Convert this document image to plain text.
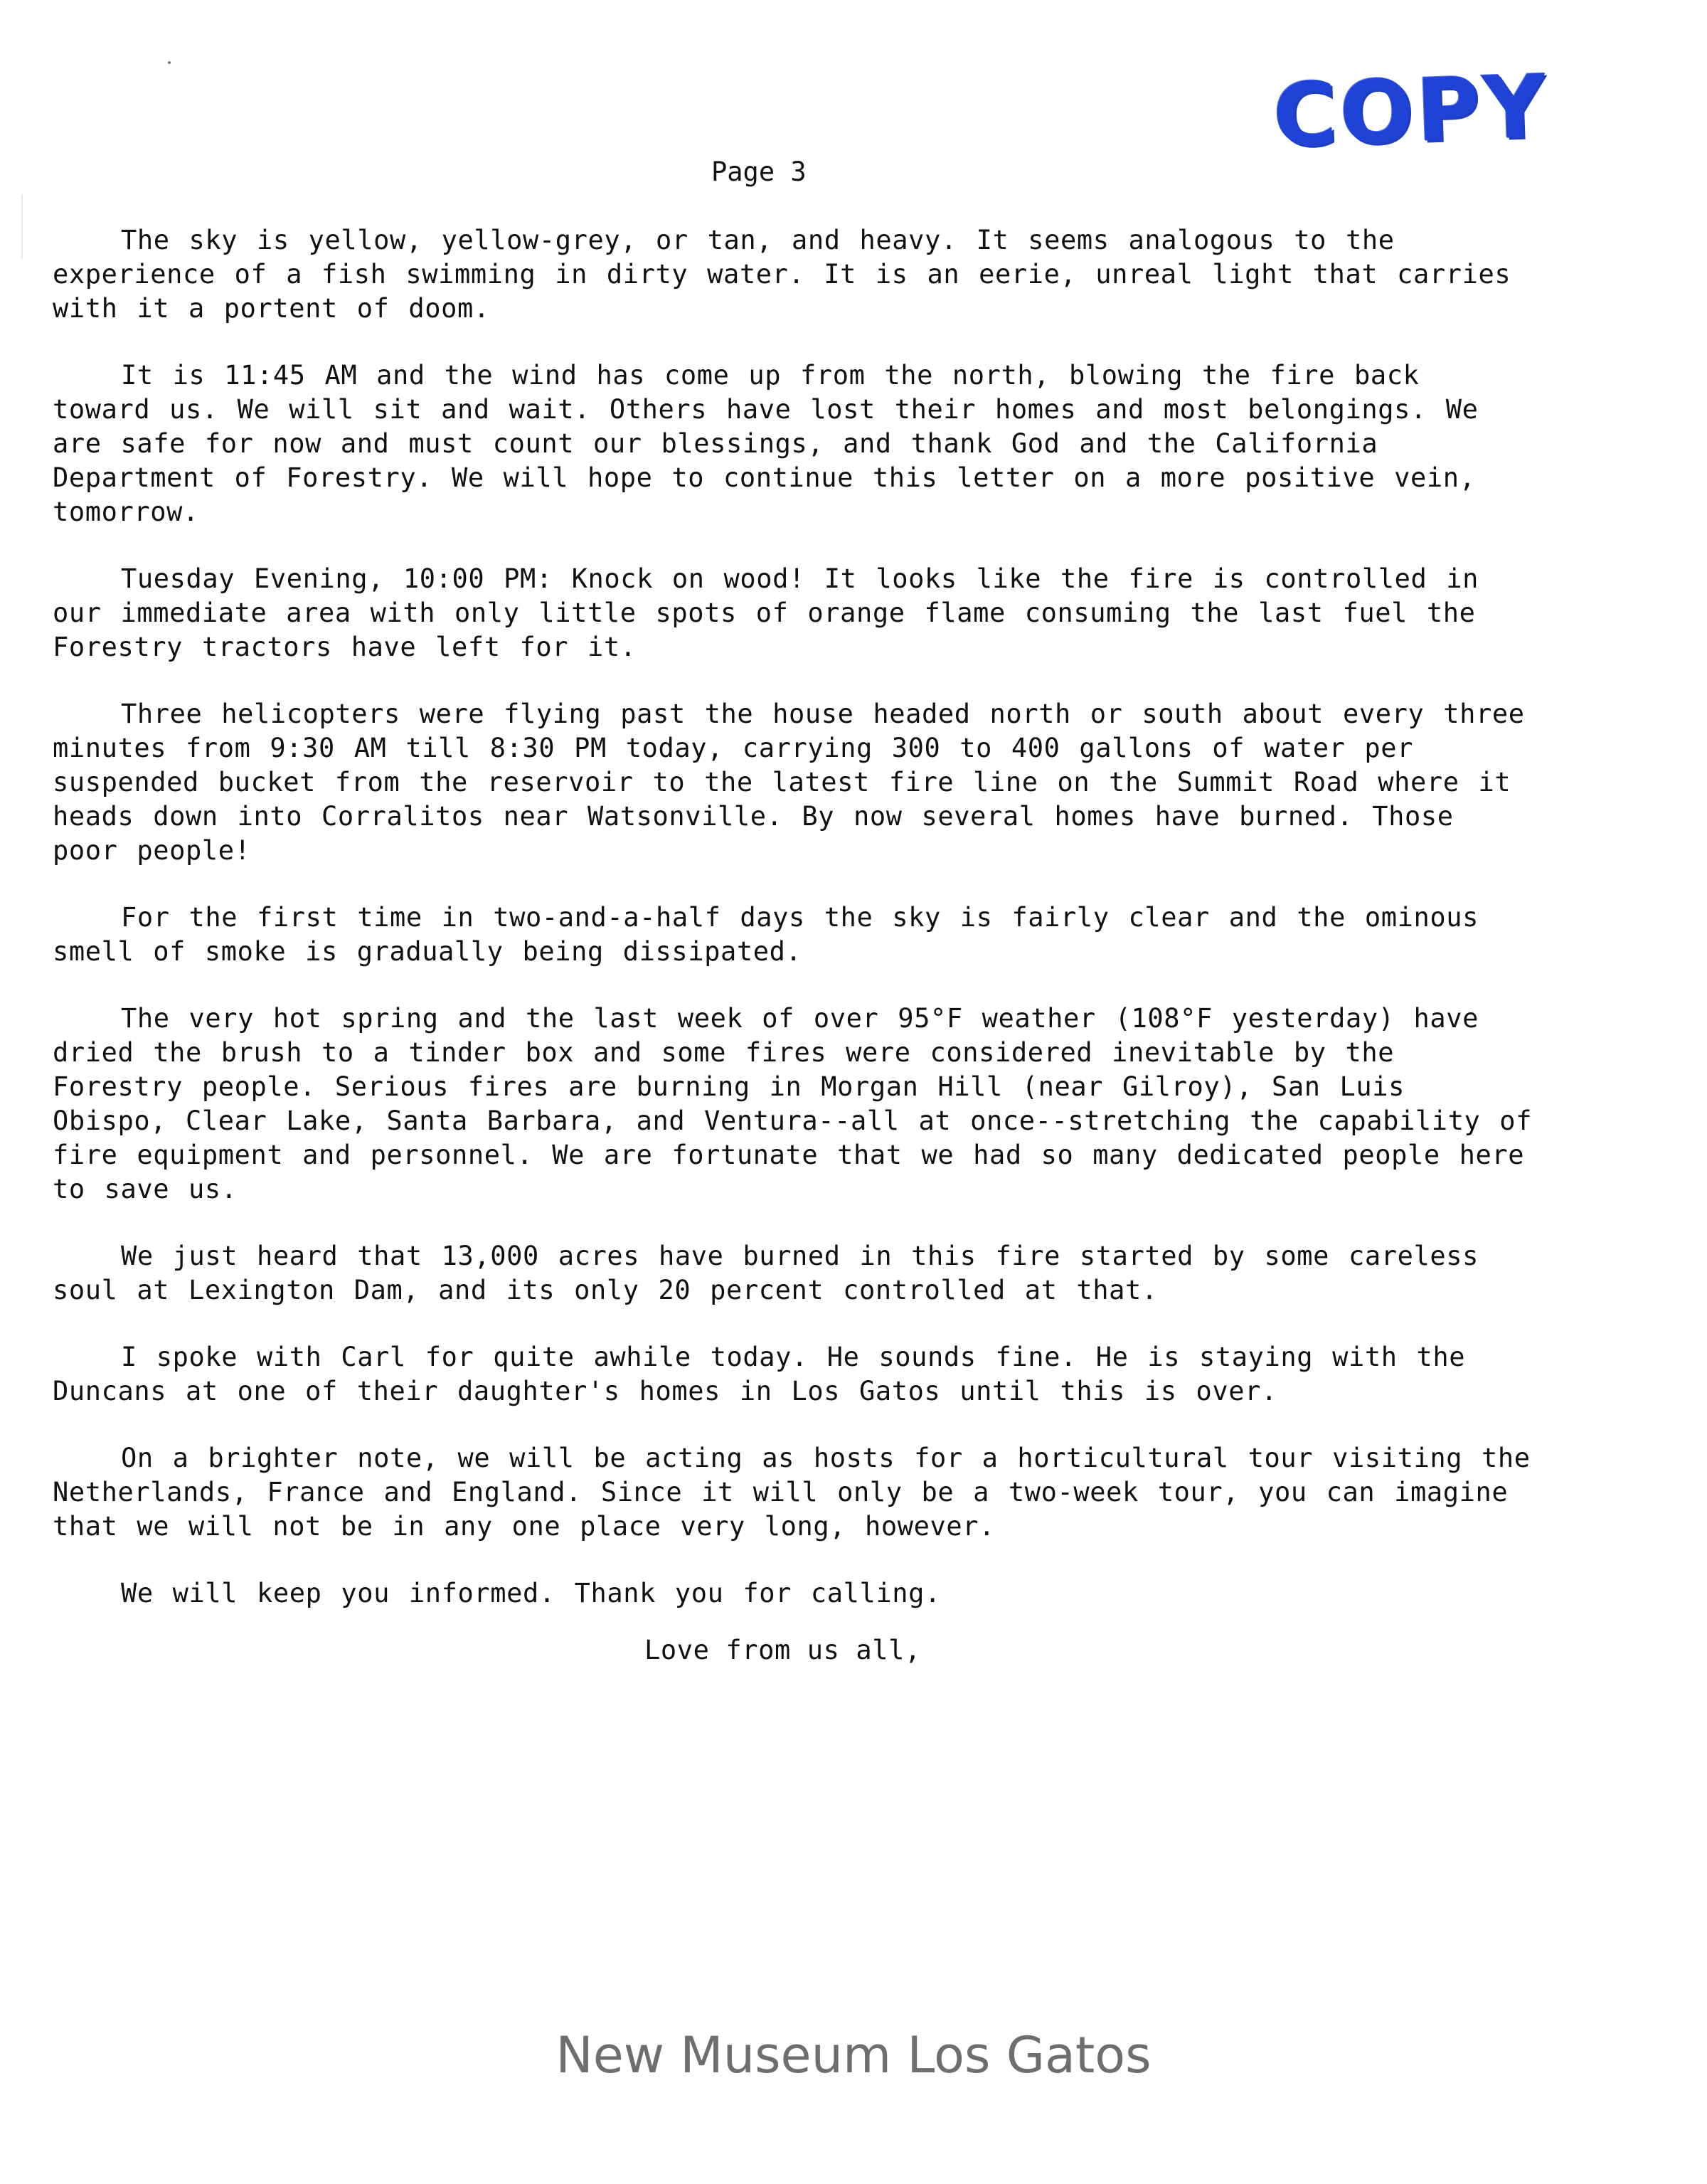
COPY
Page 3

The sky is yellow, yellow-grey, or tan, and heavy. It seems analogous to the experience of a fish swimming in dirty water. It is an eerie, unreal light that carries with it a portent of doom.

It is 11:45 AM and the wind has come up from the north, blowing the fire back toward us. We will sit and wait. Others have lost their homes and most belongings. We are safe for now and must count our blessings, and thank God and the California Department of Forestry. We will hope to continue this letter on a more positive vein, tomorrow.

Tuesday Evening, 10:00 PM: Knock on wood! It looks like the fire is controlled in our immediate area with only little spots of orange flame consuming the last fuel the Forestry tractors have left for it.

Three helicopters were flying past the house headed north or south about every three minutes from 9:30 AM till 8:30 PM today, carrying 300 to 400 gallons of water per suspended bucket from the reservoir to the latest fire line on the Summit Road where it heads down into Corralitos near Watsonville. By now several homes have burned. Those poor people!

For the first time in two-and-a-half days the sky is fairly clear and the ominous smell of smoke is gradually being dissipated.

The very hot spring and the last week of over 95°F weather (108°F yesterday) have dried the brush to a tinder box and some fires were considered inevitable by the Forestry people. Serious fires are burning in Morgan Hill (near Gilroy), San Luis Obispo, Clear Lake, Santa Barbara, and Ventura--all at once--stretching the capability of fire equipment and personnel. We are fortunate that we had so many dedicated people here to save us.

We just heard that 13,000 acres have burned in this fire started by some careless soul at Lexington Dam, and its only 20 percent controlled at that.

I spoke with Carl for quite awhile today. He sounds fine. He is staying with the Duncans at one of their daughter's homes in Los Gatos until this is over.

On a brighter note, we will be acting as hosts for a horticultural tour visiting the Netherlands, France and England. Since it will only be a two-week tour, you can imagine that we will not be in any one place very long, however.

We will keep you informed. Thank you for calling.

Love from us all,
New Museum Los Gatos
